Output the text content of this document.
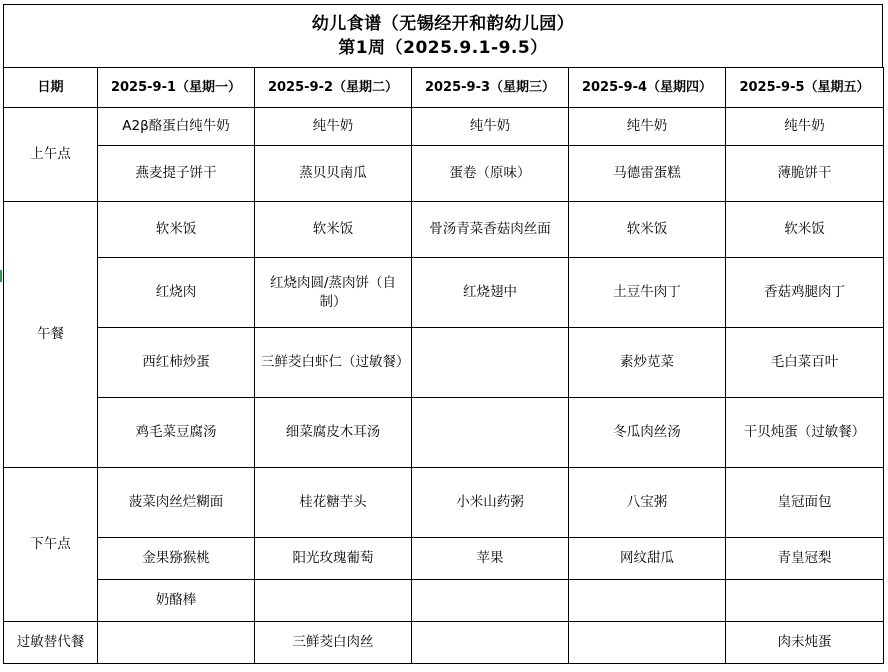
幼儿食谱（无锡经开和韵幼儿园）
第1周（2025.9.1-9.5）
日期	2025-9-1（星期一）	2025-9-2（星期二）	2025-9-3（星期三）	2025-9-4（星期四）	2025-9-5（星期五）
上午点	A2β酪蛋白纯牛奶	纯牛奶	纯牛奶	纯牛奶	纯牛奶
	燕麦提子饼干	蒸贝贝南瓜	蛋卷（原味）	马德雷蛋糕	薄脆饼干
午餐	软米饭	软米饭	骨汤青菜香菇肉丝面	软米饭	软米饭
	红烧肉	红烧肉圆/蒸肉饼（自制）	红烧翅中	土豆牛肉丁	香菇鸡腿肉丁
	西红柿炒蛋	三鲜茭白虾仁（过敏餐）		素炒苋菜	毛白菜百叶
	鸡毛菜豆腐汤	细菜腐皮木耳汤		冬瓜肉丝汤	干贝炖蛋（过敏餐）
下午点	菠菜肉丝烂糊面	桂花糖芋头	小米山药粥	八宝粥	皇冠面包
	金果猕猴桃	阳光玫瑰葡萄	苹果	网纹甜瓜	青皇冠梨
	奶酪棒				
过敏替代餐		三鲜茭白肉丝			肉末炖蛋
